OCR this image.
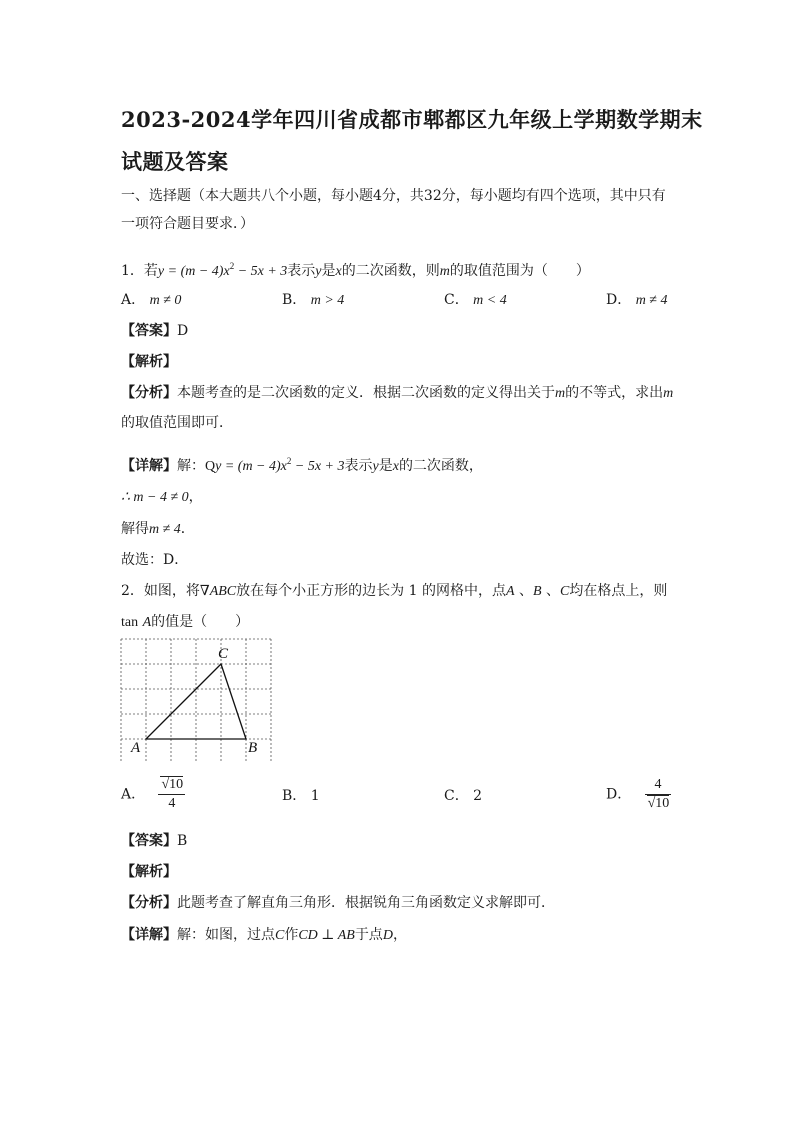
2023-2024学年四川省成都市郫都区九年级上学期数学期末
试题及答案
一、选择题（本大题共八个小题，每小题4分，共32分，每小题均有四个选项，其中只有
一项符合题目要求．）
1．若$y = (m - 4)x^2 - 5x + 3$表示y是x的二次函数，则m的取值范围为（　　）
A． m ≠ 0	B． m > 4	C． m < 4	D． m ≠ 4
【答案】D
【解析】
【分析】本题考查的是二次函数的定义．根据二次函数的定义得出关于m的不等式，求出m
的取值范围即可．
【详解】解：$Qy = (m - 4)x^2 - 5x + 3$表示y是x的二次函数，
∴ m − 4 ≠ 0，
解得m ≠ 4．
故选：D．
2．如图，将∇ABC放在每个小正方形的边长为 1 的网格中，点A 、B 、C均在格点上，则
tan A的值是（　　）
A	B
C
A． $\frac{√10}{4}$	B． 1	C． 2	D． $\frac{4}{√10}$
【答案】B
【解析】
【分析】此题考查了解直角三角形．根据锐角三角函数定义求解即可．
【详解】解：如图，过点C作CD ⊥ AB于点D，
